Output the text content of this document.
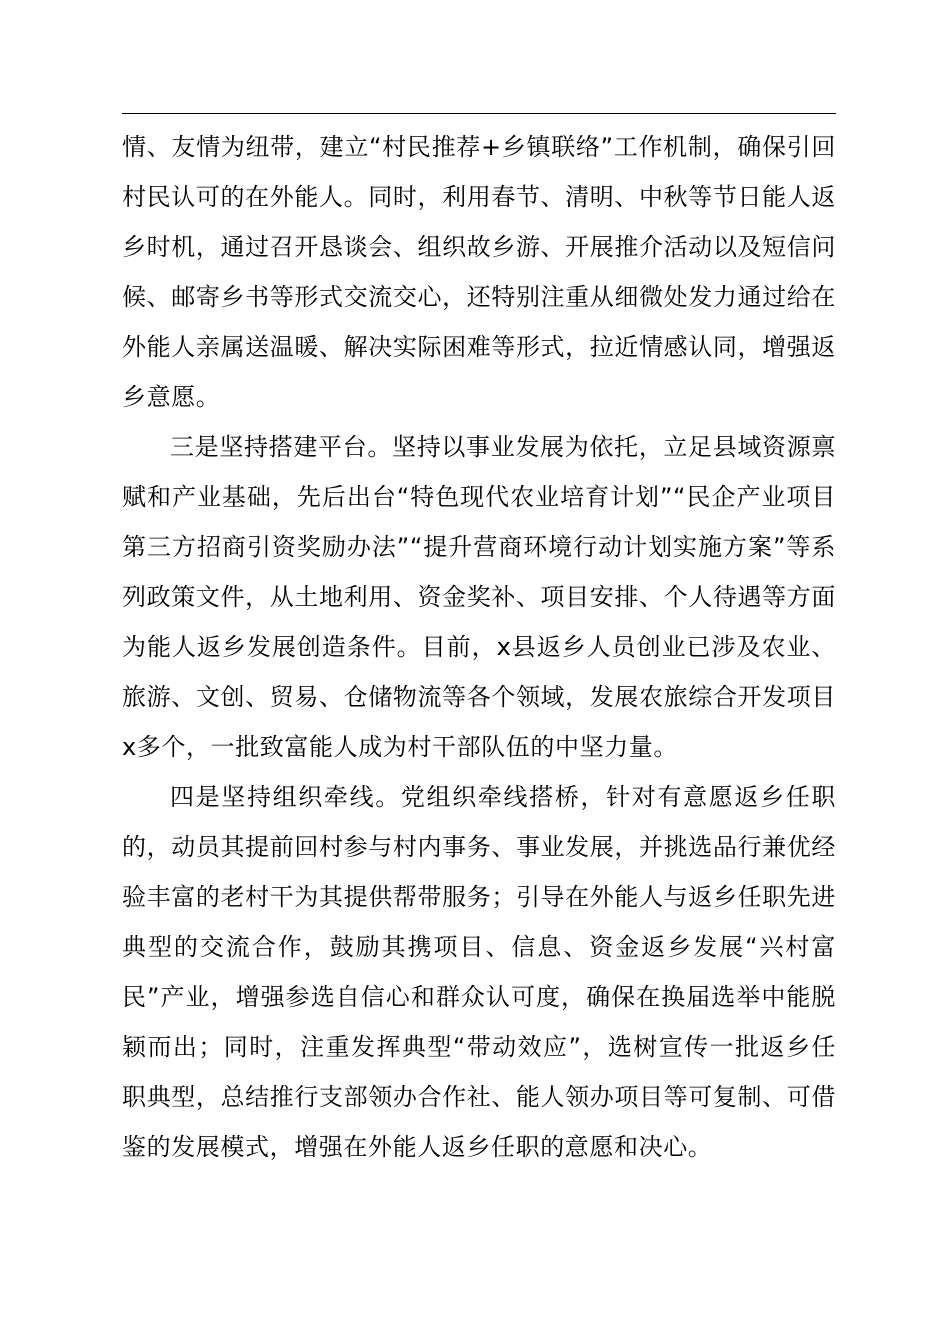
情、友情为纽带，建立“村民推荐+乡镇联络”工作机制，确保引回村民认可的在外能人。同时，利用春节、清明、中秋等节日能人返乡时机，通过召开恳谈会、组织故乡游、开展推介活动以及短信问候、邮寄乡书等形式交流交心，还特别注重从细微处发力通过给在外能人亲属送温暖、解决实际困难等形式，拉近情感认同，增强返乡意愿。

三是坚持搭建平台。坚持以事业发展为依托，立足县域资源禀赋和产业基础，先后出台“特色现代农业培育计划”“民企产业项目第三方招商引资奖励办法”“提升营商环境行动计划实施方案”等系列政策文件，从土地利用、资金奖补、项目安排、个人待遇等方面为能人返乡发展创造条件。目前，x县返乡人员创业已涉及农业、旅游、文创、贸易、仓储物流等各个领域，发展农旅综合开发项目x多个，一批致富能人成为村干部队伍的中坚力量。

四是坚持组织牵线。党组织牵线搭桥，针对有意愿返乡任职的，动员其提前回村参与村内事务、事业发展，并挑选品行兼优经验丰富的老村干为其提供帮带服务；引导在外能人与返乡任职先进典型的交流合作，鼓励其携项目、信息、资金返乡发展“兴村富民”产业，增强参选自信心和群众认可度，确保在换届选举中能脱颖而出；同时，注重发挥典型“带动效应”，选树宣传一批返乡任职典型，总结推行支部领办合作社、能人领办项目等可复制、可借鉴的发展模式，增强在外能人返乡任职的意愿和决心。
